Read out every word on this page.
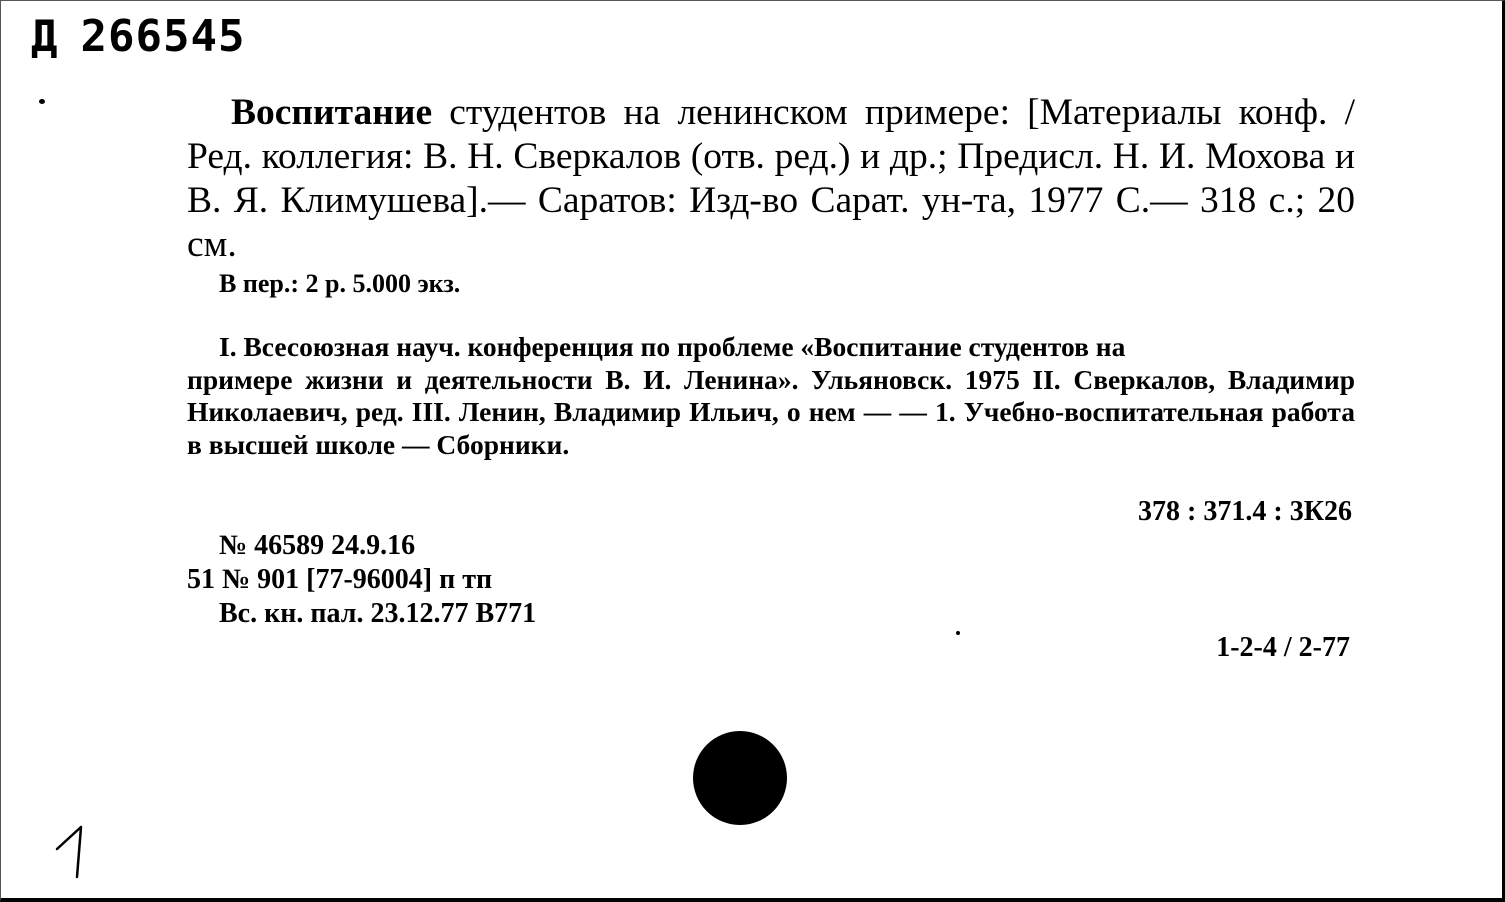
Д 266545
Воспитание студентов на ленинском примере: [Материалы конф. / Ред. коллегия: В. Н. Сверкалов (отв. ред.) и др.; Предисл. Н. И. Мохова и В. Я. Климушева].— Саратов: Изд-во Сарат. ун-та, 1977 С.— 318 с.; 20 см.
В пер.: 2 р. 5.000 экз.
I. Всесоюзная науч. конференция по проблеме «Воспитание студентов на
примере жизни и деятельности В. И. Ленина». Ульяновск. 1975 II. Сверкалов, Владимир Николаевич, ред. III. Ленин, Владимир Ильич, о нем — — 1. Учебно-воспитательная работа в высшей школе — Сборники.
378 : 371.4 : 3К26
№ 46589 24.9.16
51 № 901 [77-96004] п тп
Вс. кн. пал. 23.12.77 В771
1-2-4 / 2-77
